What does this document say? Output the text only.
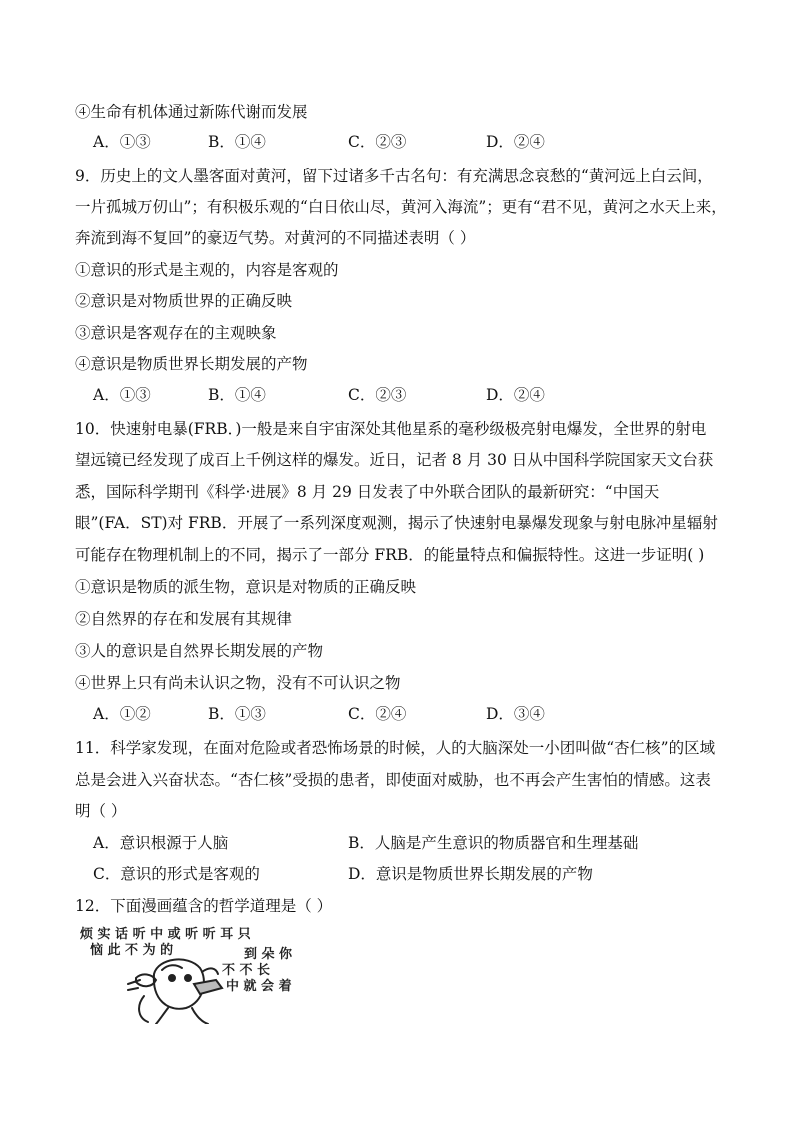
④生命有机体通过新陈代谢而发展
A．①③	B．①④	C．②③	D．②④
9．历史上的文人墨客面对黄河，留下过诸多千古名句：有充满思念哀愁的“黄河远上白云间，
一片孤城万仞山”；有积极乐观的“白日依山尽，黄河入海流”；更有“君不见，黄河之水天上来，
奔流到海不复回”的豪迈气势。对黄河的不同描述表明（ ）
①意识的形式是主观的，内容是客观的
②意识是对物质世界的正确反映
③意识是客观存在的主观映象
④意识是物质世界长期发展的产物
A．①③	B．①④	C．②③	D．②④
10．快速射电暴(FRB．)一般是来自宇宙深处其他星系的毫秒级极亮射电爆发，全世界的射电
望远镜已经发现了成百上千例这样的爆发。近日，记者 8 月 30 日从中国科学院国家天文台获
悉，国际科学期刊《科学·进展》8 月 29 日发表了中外联合团队的最新研究：“中国天
眼”(FA．ST)对 FRB．开展了一系列深度观测，揭示了快速射电暴爆发现象与射电脉冲星辐射
可能存在物理机制上的不同，揭示了一部分 FRB．的能量特点和偏振特性。这进一步证明( )
①意识是物质的派生物，意识是对物质的正确反映
②自然界的存在和发展有其规律
③人的意识是自然界长期发展的产物
④世界上只有尚未认识之物，没有不可认识之物
A．①②	B．①③	C．②④	D．③④
11．科学家发现，在面对危险或者恐怖场景的时候，人的大脑深处一小团叫做“杏仁核”的区域
总是会进入兴奋状态。“杏仁核”受损的患者，即使面对威胁，也不再会产生害怕的情感。这表
明（ ）
A．意识根源于人脑	B．人脑是产生意识的物质器官和生理基础
C．意识的形式是客观的	D．意识是物质世界长期发展的产物
12．下面漫画蕴含的哲学道理是（ ）
烦 实 话 听 中 或 听 听 耳 只
恼 此 不 为 的	到 朵 你
不 不 长
中 就 会 着
